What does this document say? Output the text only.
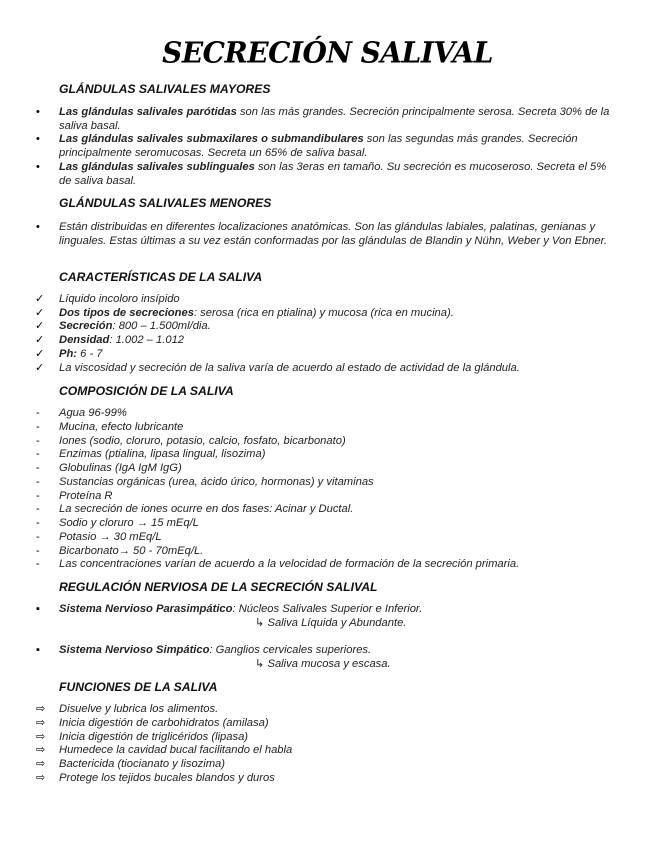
SECRECIÓN SALIVAL
GLÁNDULAS SALIVALES MAYORES
• Las glándulas salivales parótidas son las más grandes. Secreción principalmente serosa. Secreta 30% de la saliva basal.
• Las glándulas salivales submaxilares o submandibulares son las segundas más grandes. Secreción principalmente seromucosas. Secreta un 65% de saliva basal.
• Las glándulas salivales sublinguales son las 3eras en tamaño. Su secreción es mucoseroso. Secreta el 5% de saliva basal.
GLÁNDULAS SALIVALES MENORES
• Están distribuidas en diferentes localizaciones anatómicas. Son las glándulas labiales, palatinas, genianas y linguales. Estas últimas a su vez están conformadas por las glándulas de Blandin y Nühn, Weber y Von Ebner.
CARACTERÍSTICAS DE LA SALIVA
✓ Líquido incoloro insípido
✓ Dos tipos de secreciones: serosa (rica en ptialina) y mucosa (rica en mucina).
✓ Secreción: 800 – 1.500ml/dia.
✓ Densidad: 1.002 – 1.012
✓ Ph: 6 - 7
✓ La viscosidad y secreción de la saliva varía de acuerdo al estado de actividad de la glándula.
COMPOSICIÓN DE LA SALIVA
- Agua 96-99%
- Mucina, efecto lubricante
- Iones (sodio, cloruro, potasio, calcio, fosfato, bicarbonato)
- Enzimas (ptialina, lipasa lingual, lisozima)
- Globulinas (IgA IgM IgG)
- Sustancias orgánicas (urea, ácido úrico, hormonas) y vitaminas
- Proteína R
- La secreción de iones ocurre en dos fases: Acinar y Ductal.
- Sodio y cloruro → 15 mEq/L
- Potasio → 30 mEq/L
- Bicarbonato→ 50 - 70mEq/L.
- Las concentraciones varían de acuerdo a la velocidad de formación de la secreción primaria.
REGULACIÓN NERVIOSA DE LA SECRECIÓN SALIVAL
▪ Sistema Nervioso Parasimpático: Núcleos Salivales Superior e Inferior.
↳ Saliva Líquida y Abundante.
▪ Sistema Nervioso Simpático: Ganglios cervicales superiores.
↳ Saliva mucosa y escasa.
FUNCIONES DE LA SALIVA
⇨ Disuelve y lubrica los alimentos.
⇨ Inicia digestión de carbohidratos (amilasa)
⇨ Inicia digestión de triglicéridos (lipasa)
⇨ Humedece la cavidad bucal facilitando el habla
⇨ Bactericida (tiocianato y lisozima)
⇨ Protege los tejidos bucales blandos y duros
